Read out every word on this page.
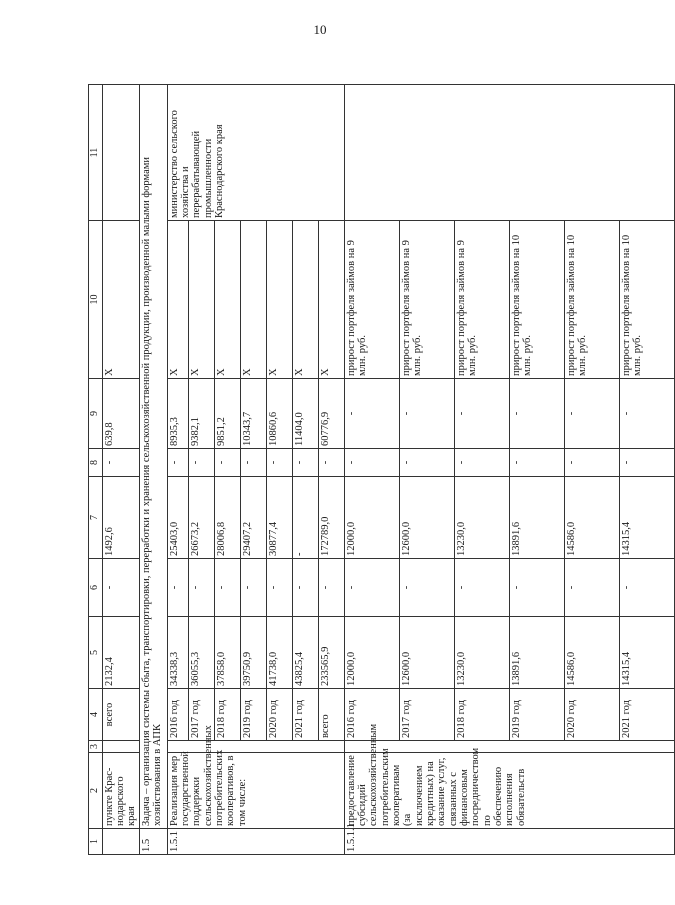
10
1	2	3	4	5	6	7	8	9	10	11
	пункте Крас-нодарского края		всего	2132,4	-	1492,6	-	639,8	X	
1.5	Задача – организация системы сбыта, транспортировки, переработки и хранения сельскохозяйственной продукции, производенной малыми формами хозяйствования в АПК									
1.5.1	Реализация мер государственной поддержки сельскохозяйственных потребительских кооперативов, в том числе:		2016 год	34338,3	-	25403,0	-	8935,3	X	министерство сельского хозяйства и перерабатывающей промышленности Краснодарского края
			2017 год	36055,3	-	26673,2	-	9382,1	X	
			2018 год	37858,0	-	28006,8	-	9851,2	X	
			2019 год	39750,9	-	29407,2	-	10343,7	X	
			2020 год	41738,0	-	30877,4	-	10860,6	X	
			2021 год	43825,4	-	-	-	11404,0	X	
			всего	233565,9	-	172789,0	-	60776,9	X	
1.5.1.1	предоставление субсидий сельскохозяйственным потребительским кооперативам (за исключением кредитных) на оказание услуг, связанных с финансовым посредничеством по обеспечению исполнения обязательств		2016 год	12000,0	-	12000,0	-	-	прирост портфеля займов на 9 млн. руб.	
			2017 год	12600,0	-	12600,0	-	-	прирост портфеля займов на 9 млн. руб.	
			2018 год	13230,0	-	13230,0	-	-	прирост портфеля займов на 9 млн. руб.	
			2019 год	13891,6	-	13891,6	-	-	прирост портфеля займов на 10 млн. руб.	
			2020 год	14586,0	-	14586,0	-	-	прирост портфеля займов на 10 млн. руб.	
			2021 год	14315,4	-	14315,4	-	-	прирост портфеля займов на 10 млн. руб.	
